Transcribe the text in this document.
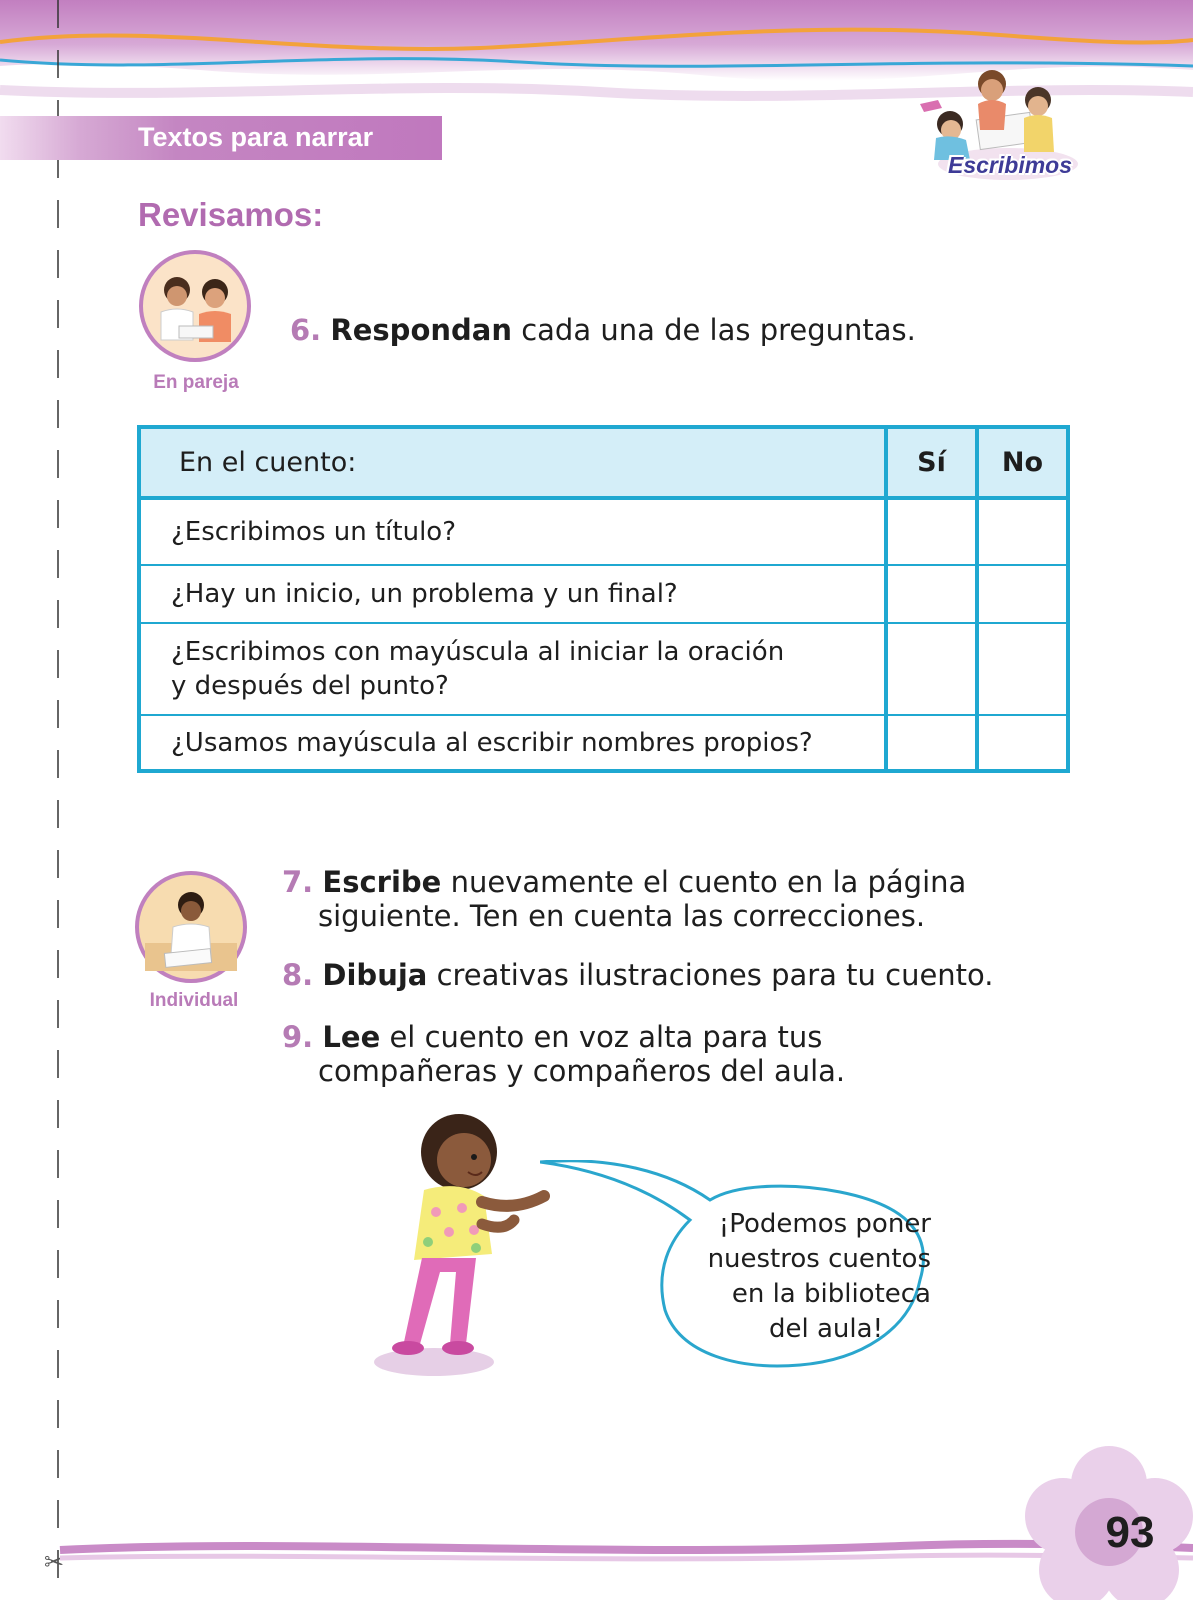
✂
Textos para narrar
Escribimos
Revisamos:
En pareja
6. Respondan cada una de las preguntas.
En el cuento:	Sí	No
¿Escribimos un título?		
¿Hay un inicio, un problema y un final?		
¿Escribimos con mayúscula al iniciar la oración
y después del punto?		
¿Usamos mayúscula al escribir nombres propios?		
Individual
7. Escribe nuevamente el cuento en la página
siguiente. Ten en cuenta las correcciones.
8. Dibuja creativas ilustraciones para tu cuento.
9. Lee el cuento en voz alta para tus
compañeras y compañeros del aula.
¡Podemos poner
nuestros cuentos
en la biblioteca
del aula!
93
